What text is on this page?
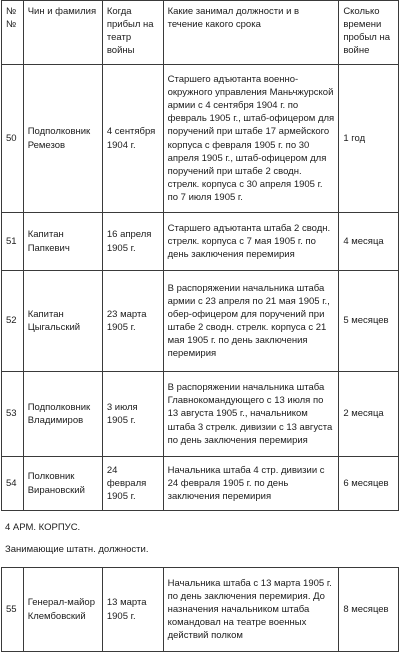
№№	Чин и фамилия	Когда прибыл на театр войны	Какие занимал должности и в течение какого срока	Сколько времени пробыл на войне
50	Подполковник Ремезов	4 сентября 1904 г.	Старшего адъютанта военно-окружного управления Маньчжурской армии с 4 сентября 1904 г. по февраль 1905 г., штаб-офицером для поручений при штабе 17 армейского корпуса с февраля 1905 г. по 30 апреля 1905 г., штаб-офицером для поручений при штабе 2 сводн. стрелк. корпуса с 30 апреля 1905 г. по 7 июля 1905 г.	1 год
51	Капитан Папкевич	16 апреля 1905 г.	Старшего адъютанта штаба 2 сводн. стрелк. корпуса с 7 мая 1905 г. по день заключения перемирия	4 месяца
52	Капитан Цыгальский	23 марта 1905 г.	В распоряжении начальника штаба армии с 23 апреля по 21 мая 1905 г., обер-офицером для поручений при штабе 2 сводн. стрелк. корпуса с 21 мая 1905 г. по день заключения перемирия	5 месяцев
53	Подполковник Владимиров	3 июля 1905 г.	В распоряжении начальника штаба Главнокомандующего с 13 июля по 13 августа 1905 г., начальником штаба 3 стрелк. дивизии с 13 августа по день заключения перемирия	2 месяца
54	Полковник Вирановский	24 февраля 1905 г.	Начальника штаба 4 стр. дивизии с 24 февраля 1905 г. по день заключения перемирия	6 месяцев
4 АРМ. КОРПУС.
Занимающие штатн. должности.
55	Генерал-майор Клембовский	13 марта 1905 г.	Начальника штаба с 13 марта 1905 г. по день заключения перемирия. До назначения начальником штаба командовал на театре военных действий полком	8 месяцев
